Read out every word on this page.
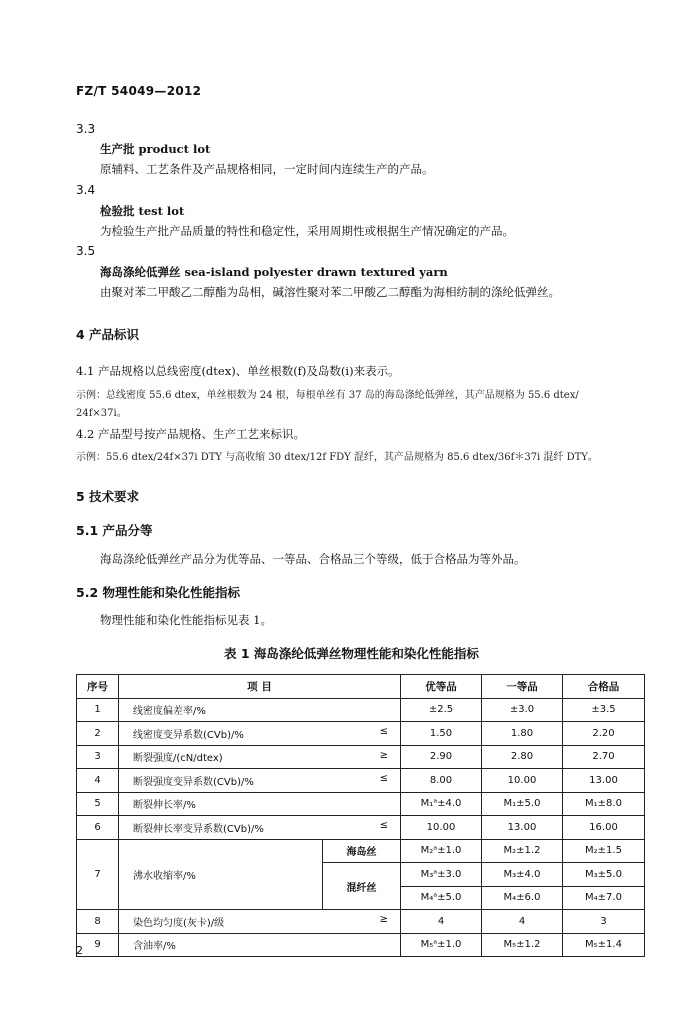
FZ/T 54049—2012
3.3
生产批 product lot
原辅料、工艺条件及产品规格相同，一定时间内连续生产的产品。
3.4
检验批 test lot
为检验生产批产品质量的特性和稳定性，采用周期性或根据生产情况确定的产品。
3.5
海岛涤纶低弹丝 sea-island polyester drawn textured yarn
由聚对苯二甲酸乙二醇酯为岛相，碱溶性聚对苯二甲酸乙二醇酯为海相纺制的涤纶低弹丝。
4 产品标识
4.1 产品规格以总线密度(dtex)、单丝根数(f)及岛数(i)来表示。
示例：总线密度 55.6 dtex，单丝根数为 24 根，每根单丝有 37 岛的海岛涤纶低弹丝，其产品规格为 55.6 dtex/
24f×37i。
4.2 产品型号按产品规格、生产工艺来标识。
示例：55.6 dtex/24f×37i DTY 与高收缩 30 dtex/12f FDY 混纤，其产品规格为 85.6 dtex/36f＊37i 混纤 DTY。
5 技术要求
5.1 产品分等
海岛涤纶低弹丝产品分为优等品、一等品、合格品三个等级，低于合格品为等外品。
5.2 物理性能和染化性能指标
物理性能和染化性能指标见表 1。
表 1 海岛涤纶低弹丝物理性能和染化性能指标
序号	项 目		优等品	一等品	合格品
1	线密度偏差率/%		±2.5	±3.0	±3.5
2	线密度变异系数(CVb)/% ≤		1.50	1.80	2.20
3	断裂强度/(cN/dtex) ≥		2.90	2.80	2.70
4	断裂强度变异系数(CVb)/% ≤		8.00	10.00	13.00
5	断裂伸长率/%		M₁ᵃ±4.0	M₁±5.0	M₁±8.0
6	断裂伸长率变异系数(CVb)/% ≤		10.00	13.00	16.00
7	沸水收缩率/%	海岛丝	M₂ᵃ±1.0	M₂±1.2	M₂±1.5
		混纤丝	M₃ᵃ±3.0	M₃±4.0	M₃±5.0
			M₄ᵃ±5.0	M₄±6.0	M₄±7.0
8	染色均匀度(灰卡)/级 ≥		4	4	3
9	含油率/%		M₅ᵃ±1.0	M₅±1.2	M₅±1.4
2
